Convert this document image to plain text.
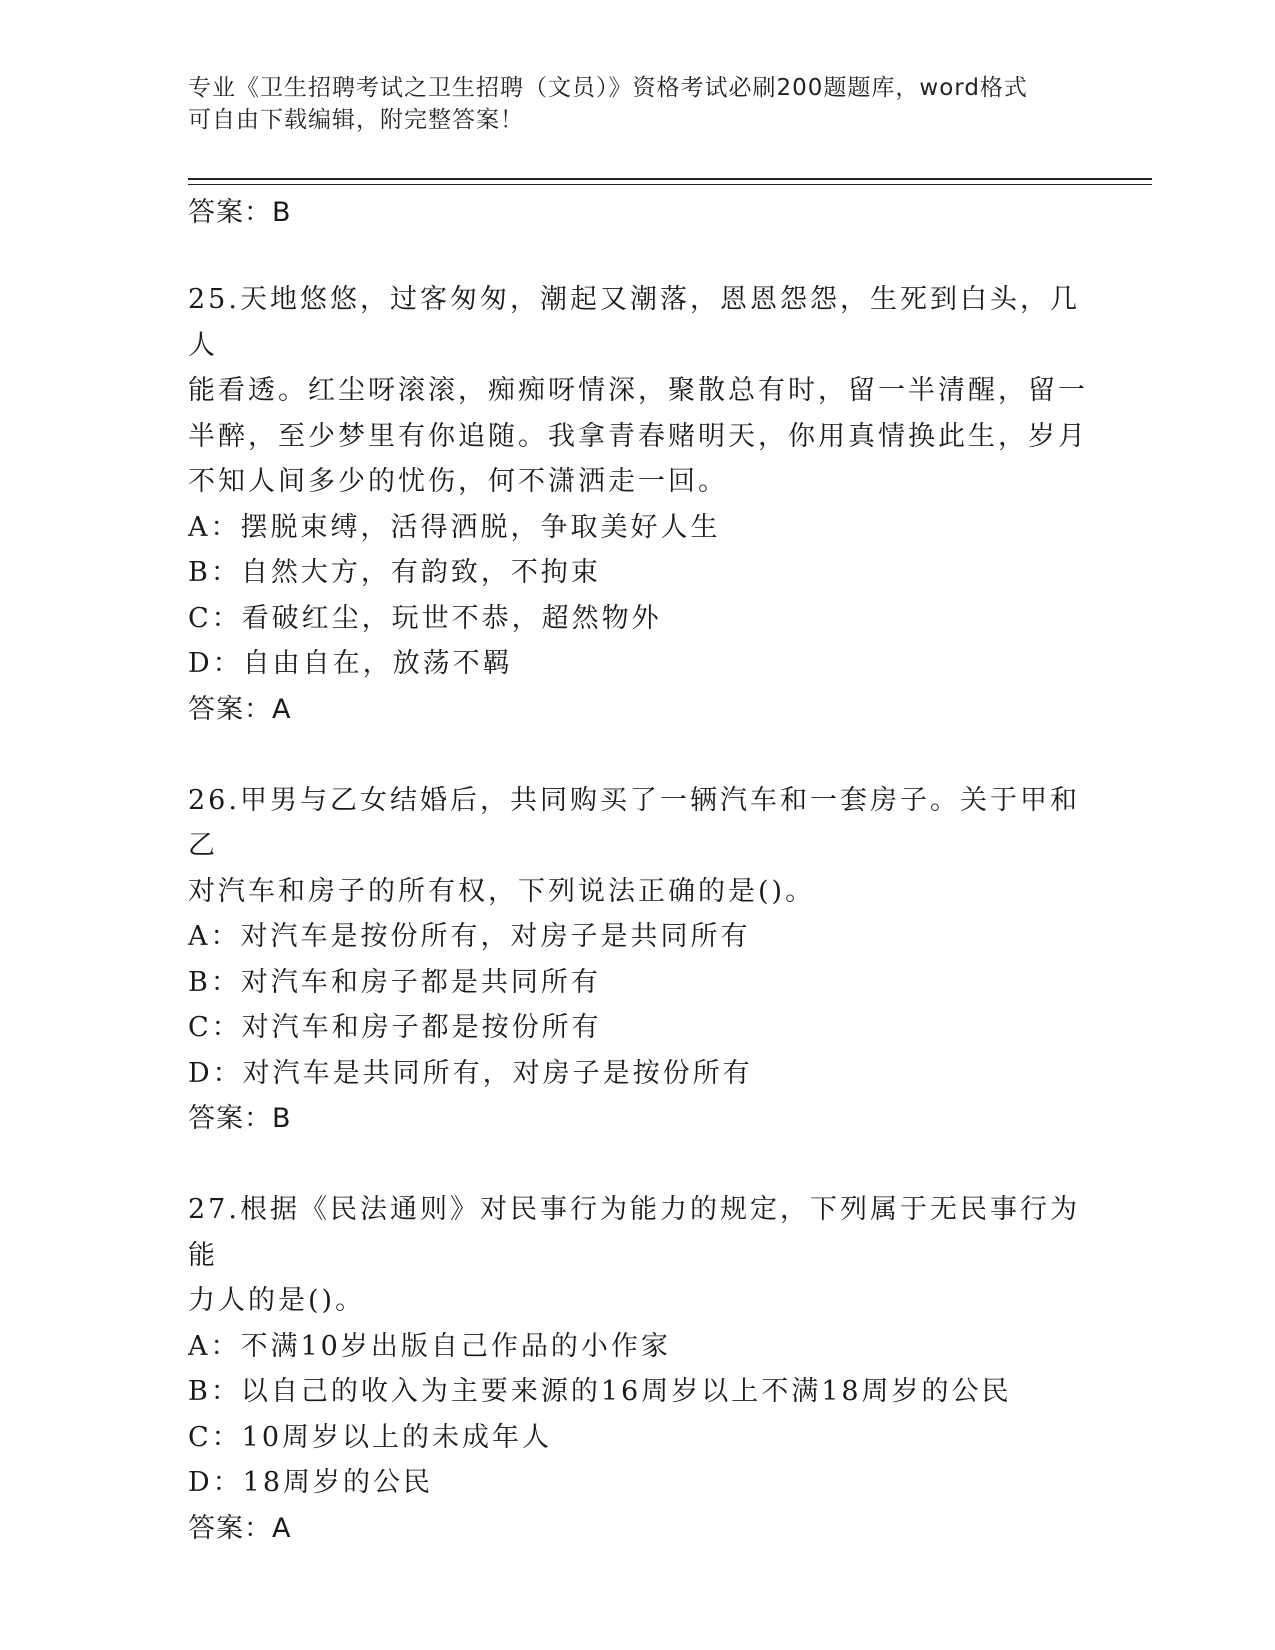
专业《卫生招聘考试之卫生招聘（文员）》资格考试必刷200题题库，word格式
可自由下载编辑，附完整答案！

答案：B

25.天地悠悠，过客匆匆，潮起又潮落，恩恩怨怨，生死到白头，几人

能看透。红尘呀滚滚，痴痴呀情深，聚散总有时，留一半清醒，留一

半醉，至少梦里有你追随。我拿青春赌明天，你用真情换此生，岁月

不知人间多少的忧伤，何不潇洒走一回。

A：摆脱束缚，活得洒脱，争取美好人生

B：自然大方，有韵致，不拘束

C：看破红尘，玩世不恭，超然物外

D：自由自在，放荡不羁

答案：A

26.甲男与乙女结婚后，共同购买了一辆汽车和一套房子。关于甲和乙

对汽车和房子的所有权，下列说法正确的是()。

A：对汽车是按份所有，对房子是共同所有

B：对汽车和房子都是共同所有

C：对汽车和房子都是按份所有

D：对汽车是共同所有，对房子是按份所有

答案：B

27.根据《民法通则》对民事行为能力的规定，下列属于无民事行为能

力人的是()。

A：不满10岁出版自己作品的小作家

B：以自己的收入为主要来源的16周岁以上不满18周岁的公民

C：10周岁以上的未成年人

D：18周岁的公民

答案：A
